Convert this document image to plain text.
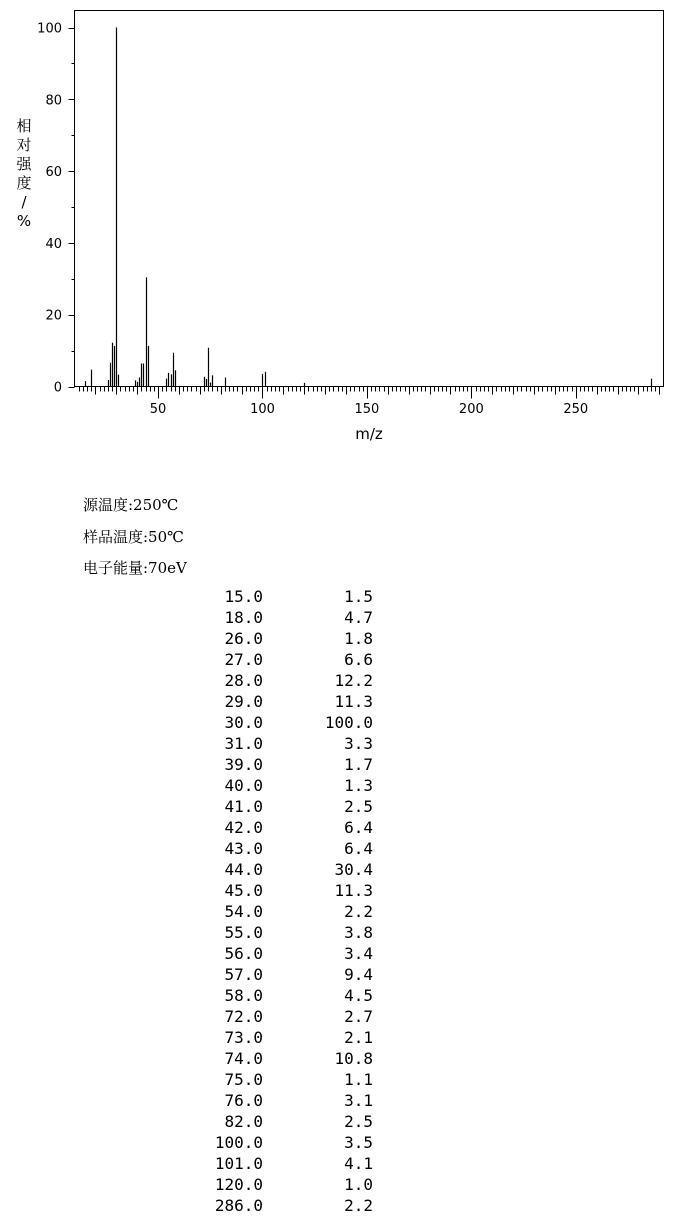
0
20
40
60
80
100
50	100	150	200	250
m/z
相对强度/ %
源温度:250℃
样品温度:50℃
电子能量:70eV
15.0	1.5
18.0	4.7
26.0	1.8
27.0	6.6
28.0	12.2
29.0	11.3
30.0	100.0
31.0	3.3
39.0	1.7
40.0	1.3
41.0	2.5
42.0	6.4
43.0	6.4
44.0	30.4
45.0	11.3
54.0	2.2
55.0	3.8
56.0	3.4
57.0	9.4
58.0	4.5
72.0	2.7
73.0	2.1
74.0	10.8
75.0	1.1
76.0	3.1
82.0	2.5
100.0	3.5
101.0	4.1
120.0	1.0
286.0	2.2
